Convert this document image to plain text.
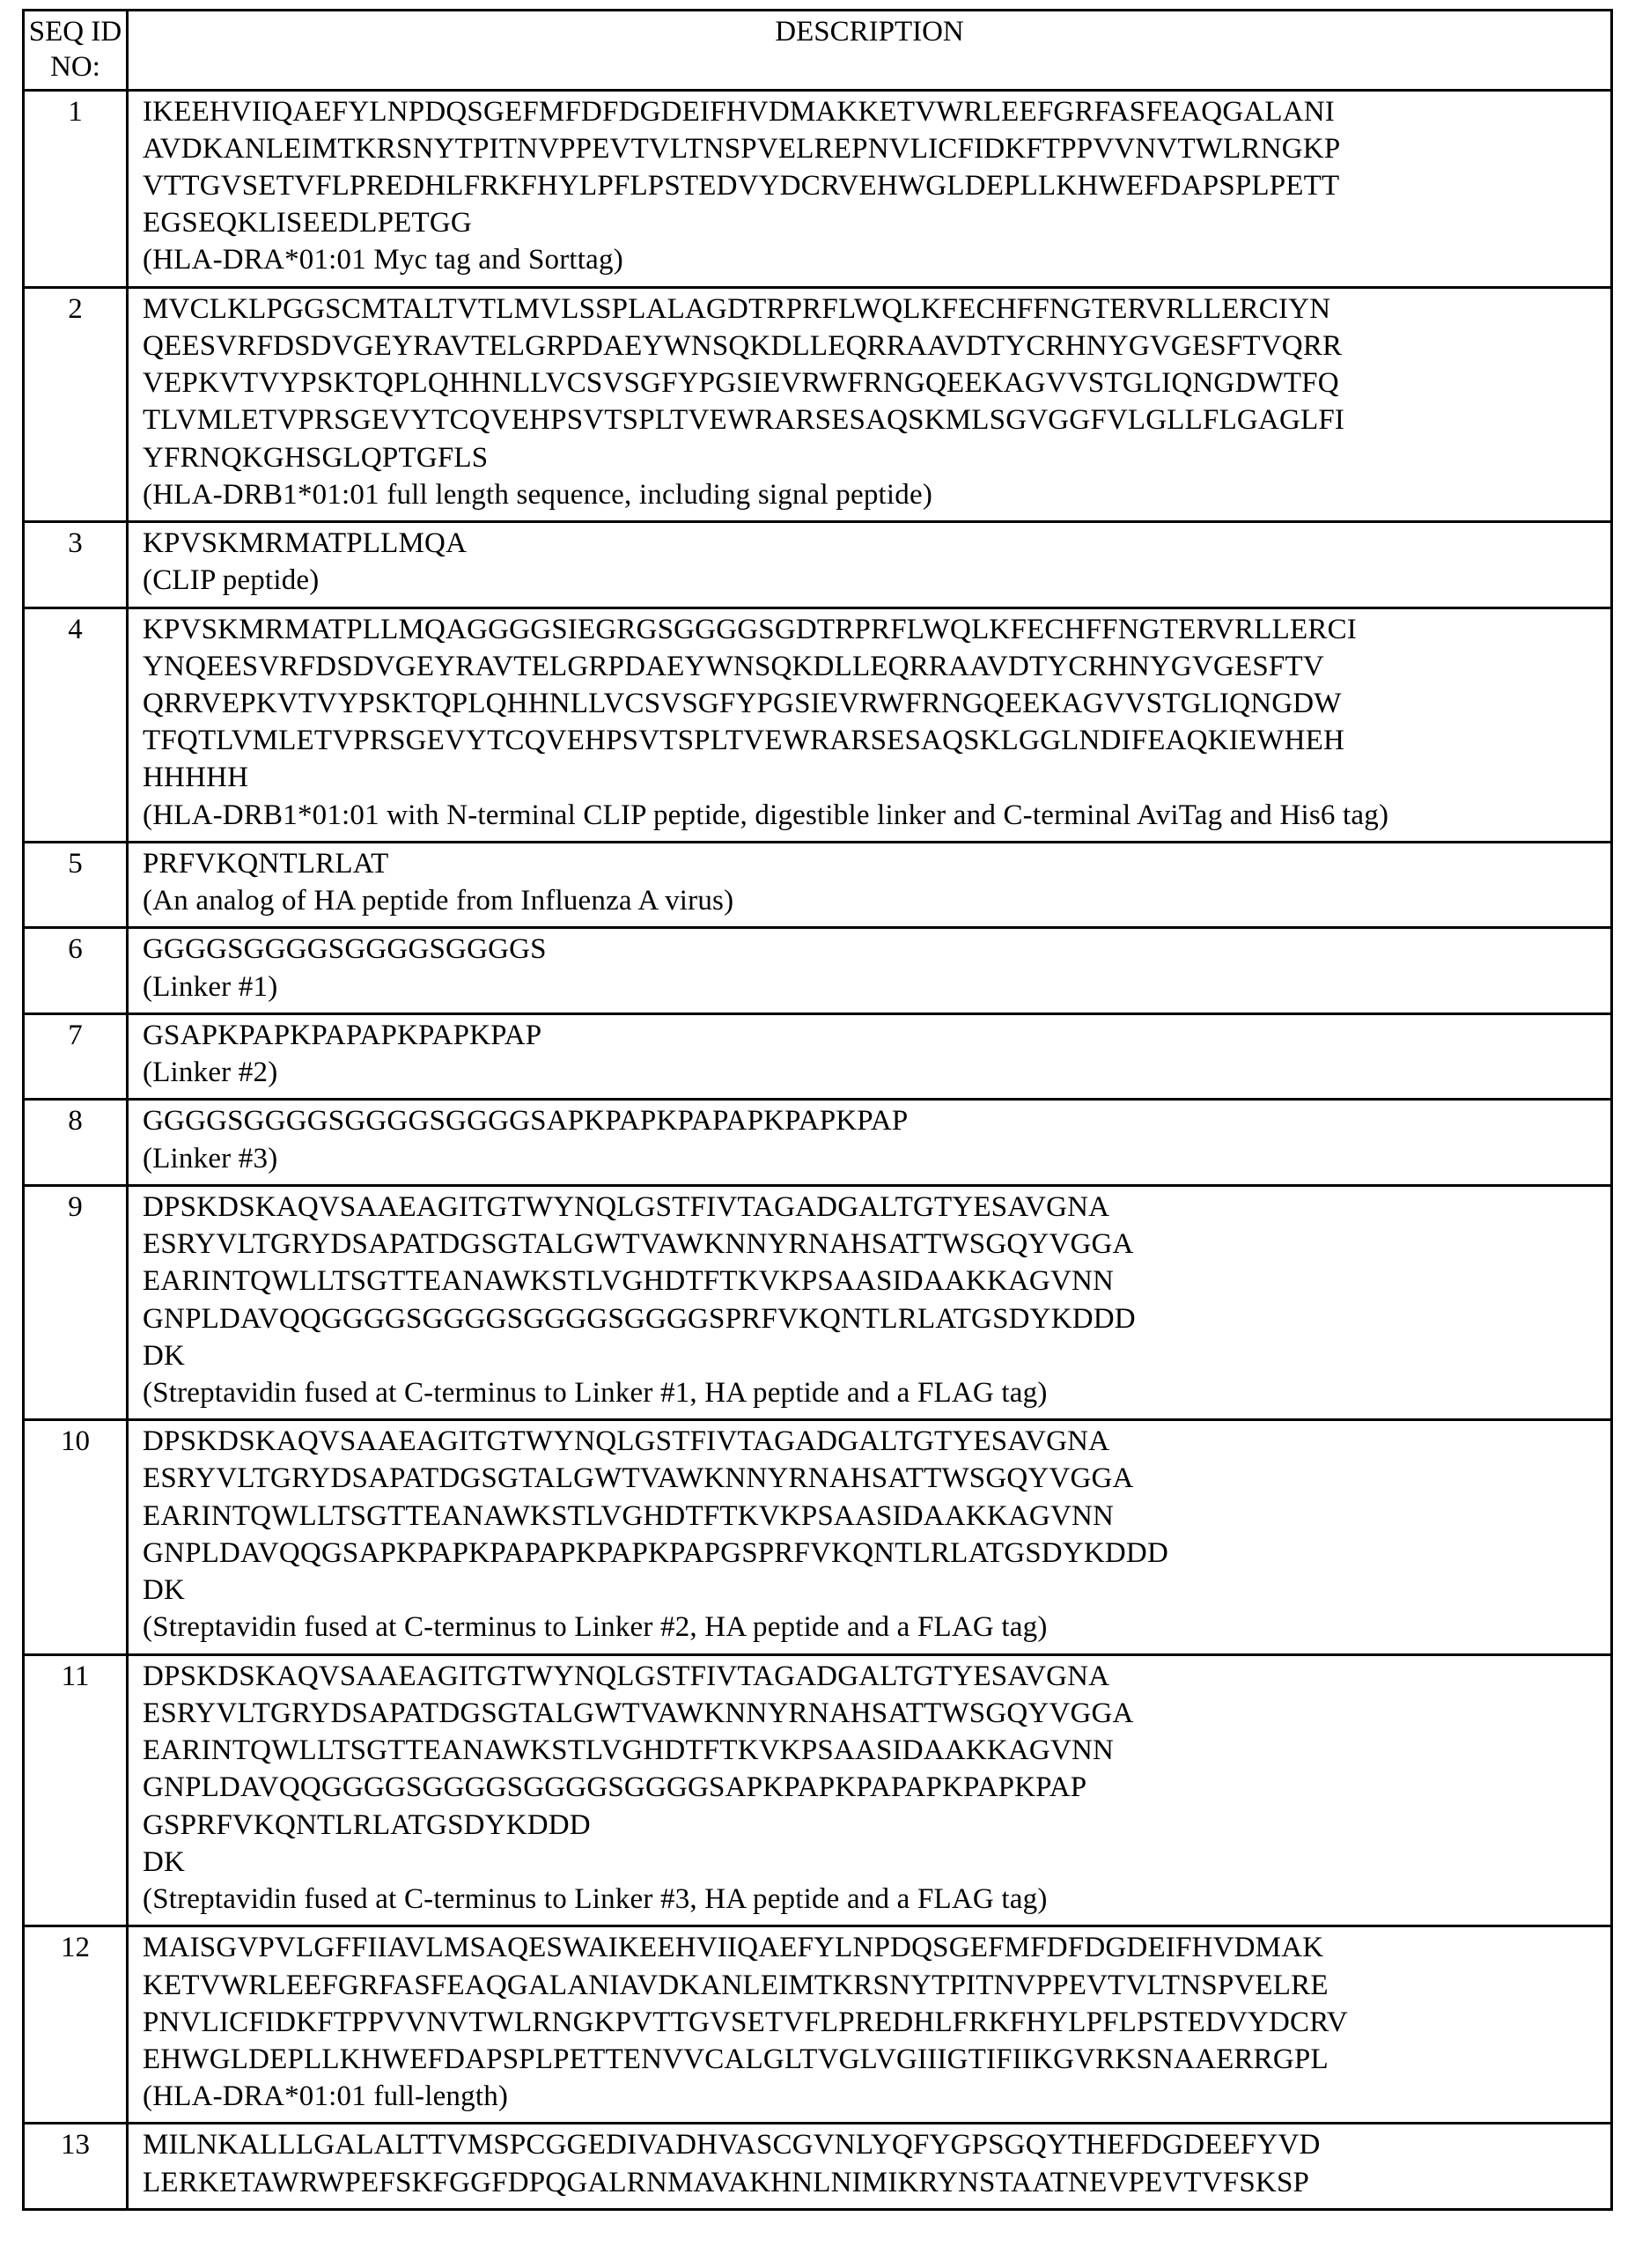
SEQ ID
NO:	DESCRIPTION
1	IKEEHVIIQAEFYLNPDQSGEFMFDFDGDEIFHVDMAKKETVWRLEEFGRFASFEAQGALANI
AVDKANLEIMTKRSNYTPITNVPPEVTVLTNSPVELREPNVLICFIDKFTPPVVNVTWLRNGKP
VTTGVSETVFLPREDHLFRKFHYLPFLPSTEDVYDCRVEHWGLDEPLLKHWEFDAPSPLPETT
EGSEQKLISEEDLPETGG
(HLA-DRA*01:01 Myc tag and Sorttag)

2	MVCLKLPGGSCMTALTVTLMVLSSPLALAGDTRPRFLWQLKFECHFFNGTERVRLLERCIYN
QEESVRFDSDVGEYRAVTELGRPDAEYWNSQKDLLEQRRAAVDTYCRHNYGVGESFTVQRR
VEPKVTVYPSKTQPLQHHNLLVCSVSGFYPGSIEVRWFRNGQEEKAGVVSTGLIQNGDWTFQ
TLVMLETVPRSGEVYTCQVEHPSVTSPLTVEWRARSESAQSKMLSGVGGFVLGLLFLGAGLFI
YFRNQKGHSGLQPTGFLS
(HLA-DRB1*01:01 full length sequence, including signal peptide)

3	KPVSKMRMATPLLMQA
(CLIP peptide)

4	KPVSKMRMATPLLMQAGGGGSIEGRGSGGGGSGDTRPRFLWQLKFECHFFNGTERVRLLERCI
YNQEESVRFDSDVGEYRAVTELGRPDAEYWNSQKDLLEQRRAAVDTYCRHNYGVGESFTV
QRRVEPKVTVYPSKTQPLQHHNLLVCSVSGFYPGSIEVRWFRNGQEEKAGVVSTGLIQNGDW
TFQTLVMLETVPRSGEVYTCQVEHPSVTSPLTVEWRARSESAQSKLGGLNDIFEAQKIEWHEH
HHHHH
(HLA-DRB1*01:01 with N-terminal CLIP peptide, digestible linker and C-terminal AviTag and His6 tag)

5	PRFVKQNTLRLAT
(An analog of HA peptide from Influenza A virus)

6	GGGGSGGGGSGGGGSGGGGS
(Linker #1)

7	GSAPKPAPKPAPAPKPAPKPAP
(Linker #2)

8	GGGGSGGGGSGGGGSGGGGSAPKPAPKPAPAPKPAPKPAP
(Linker #3)

9	DPSKDSKAQVSAAEAGITGTWYNQLGSTFIVTAGADGALTGTYESAVGNA
ESRYVLTGRYDSAPATDGSGTALGWTVAWKNNYRNAHSATTWSGQYVGGA
EARINTQWLLTSGTTEANAWKSTLVGHDTFTKVKPSAASIDAAKKAGVNN
GNPLDAVQQGGGGSGGGGSGGGGSGGGGSPRFVKQNTLRLATGSDYKDDD
DK
(Streptavidin fused at C-terminus to Linker #1, HA peptide and a FLAG tag)

10	DPSKDSKAQVSAAEAGITGTWYNQLGSTFIVTAGADGALTGTYESAVGNA
ESRYVLTGRYDSAPATDGSGTALGWTVAWKNNYRNAHSATTWSGQYVGGA
EARINTQWLLTSGTTEANAWKSTLVGHDTFTKVKPSAASIDAAKKAGVNN
GNPLDAVQQGSAPKPAPKPAPAPKPAPKPAPGSPRFVKQNTLRLATGSDYKDDD
DK
(Streptavidin fused at C-terminus to Linker #2, HA peptide and a FLAG tag)

11	DPSKDSKAQVSAAEAGITGTWYNQLGSTFIVTAGADGALTGTYESAVGNA
ESRYVLTGRYDSAPATDGSGTALGWTVAWKNNYRNAHSATTWSGQYVGGA
EARINTQWLLTSGTTEANAWKSTLVGHDTFTKVKPSAASIDAAKKAGVNN
GNPLDAVQQGGGGSGGGGSGGGGSGGGGSAPKPAPKPAPAPKPAPKPAP
GSPRFVKQNTLRLATGSDYKDDD
DK
(Streptavidin fused at C-terminus to Linker #3, HA peptide and a FLAG tag)

12	MAISGVPVLGFFIIAVLMSAQESWAIKEEHVIIQAEFYLNPDQSGEFMFDFDGDEIFHVDMAK
KETVWRLEEFGRFASFEAQGALANIAVDKANLEIMTKRSNYTPITNVPPEVTVLTNSPVELRE
PNVLICFIDKFTPPVVNVTWLRNGKPVTTGVSETVFLPREDHLFRKFHYLPFLPSTEDVYDCRV
EHWGLDEPLLKHWEFDAPSPLPETTENVVCALGLTVGLVGIIIGTIFIIKGVRKSNAAERRGPL
(HLA-DRA*01:01 full-length)

13	MILNKALLLGALALTTVMSPCGGEDIVADHVASCGVNLYQFYGPSGQYTHEFDGDEEFYVD
LERKETAWRWPEFSKFGGFDPQGALRNMAVAKHNLNIMIKRYNSTAATNEVPEVTVFSKSP
